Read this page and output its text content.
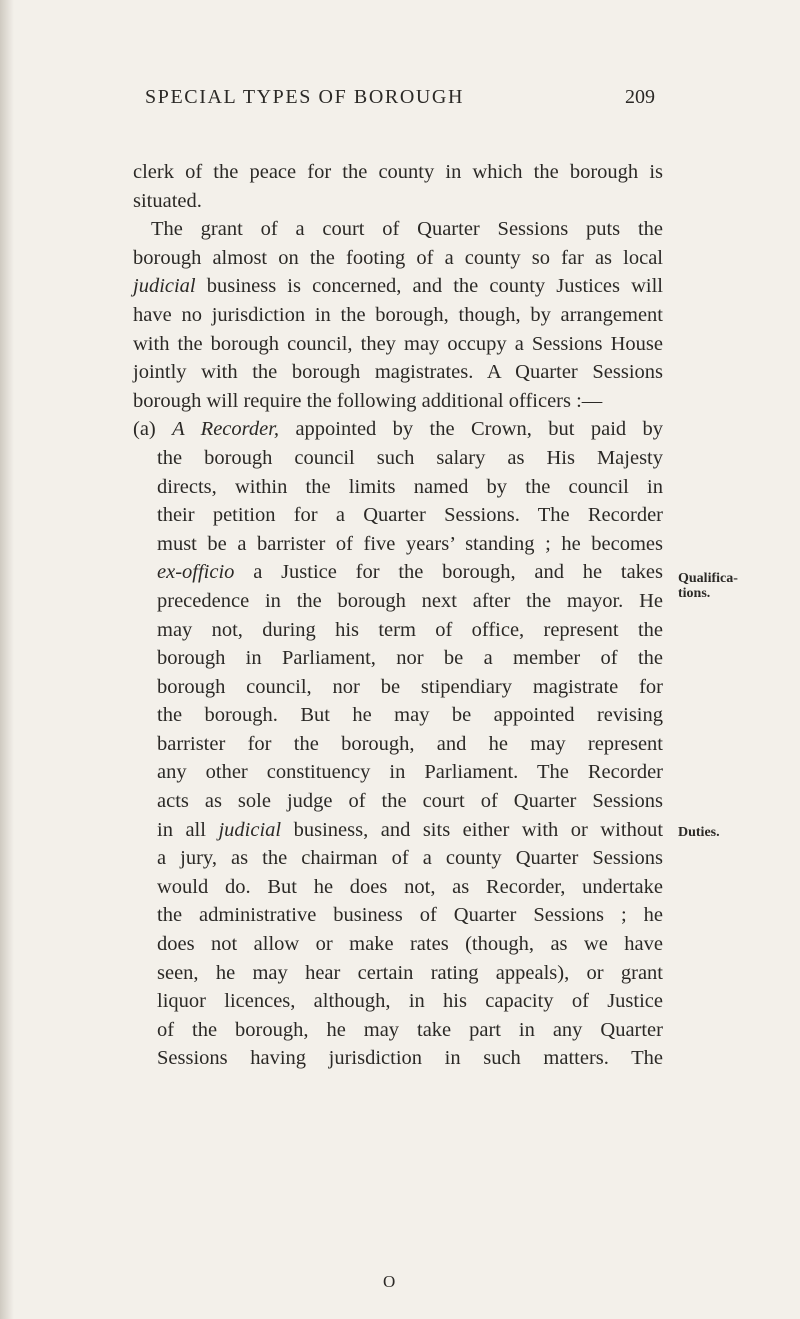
SPECIAL TYPES OF BOROUGH	209
clerk of the peace for the county in which the borough is
situated.
The grant of a court of Quarter Sessions puts the
borough almost on the footing of a county so far as local
judicial business is concerned, and the county Justices will
have no jurisdiction in the borough, though, by arrangement
with the borough council, they may occupy a Sessions House
jointly with the borough magistrates. A Quarter Sessions
borough will require the following additional officers :—
(a) A Recorder, appointed by the Crown, but paid by
the borough council such salary as His Majesty
directs, within the limits named by the council in
their petition for a Quarter Sessions. The Recorder
must be a barrister of five years’ standing ; he becomes
ex-officio a Justice for the borough, and he takes
precedence in the borough next after the mayor. He
may not, during his term of office, represent the
borough in Parliament, nor be a member of the
borough council, nor be stipendiary magistrate for
the borough. But he may be appointed revising
barrister for the borough, and he may represent
any other constituency in Parliament. The Recorder
acts as sole judge of the court of Quarter Sessions
in all judicial business, and sits either with or without
a jury, as the chairman of a county Quarter Sessions
would do. But he does not, as Recorder, undertake
the administrative business of Quarter Sessions ; he
does not allow or make rates (though, as we have
seen, he may hear certain rating appeals), or grant
liquor licences, although, in his capacity of Justice
of the borough, he may take part in any Quarter
Sessions having jurisdiction in such matters. The
Qualifica-
tions.
Duties.
O
